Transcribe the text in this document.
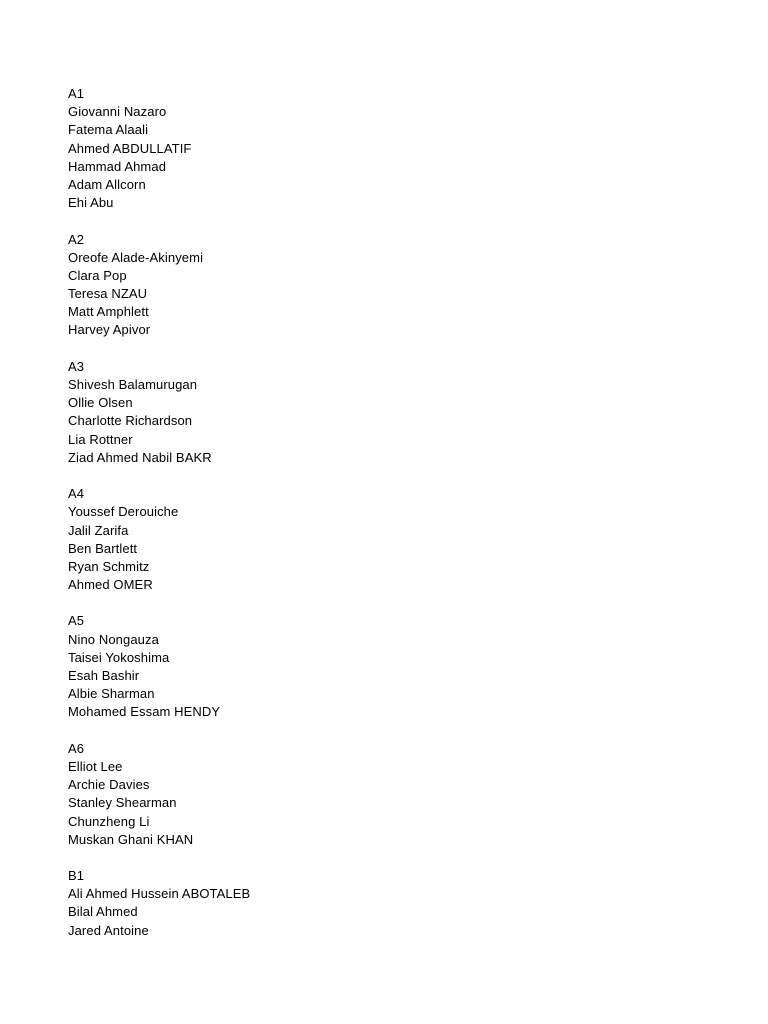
A1
Giovanni Nazaro
Fatema Alaali
Ahmed ABDULLATIF
Hammad Ahmad
Adam Allcorn
Ehi Abu
A2
Oreofe Alade-Akinyemi
Clara Pop
Teresa NZAU
Matt Amphlett
Harvey Apivor
A3
Shivesh Balamurugan
Ollie Olsen
Charlotte Richardson
Lia Rottner
Ziad Ahmed Nabil BAKR
A4
Youssef Derouiche
Jalil Zarifa
Ben Bartlett
Ryan Schmitz
Ahmed OMER
A5
Nino Nongauza
Taisei Yokoshima
Esah Bashir
Albie Sharman
Mohamed Essam HENDY
A6
Elliot Lee
Archie Davies
Stanley Shearman
Chunzheng Li
Muskan Ghani KHAN
B1
Ali Ahmed Hussein ABOTALEB
Bilal Ahmed
Jared Antoine
